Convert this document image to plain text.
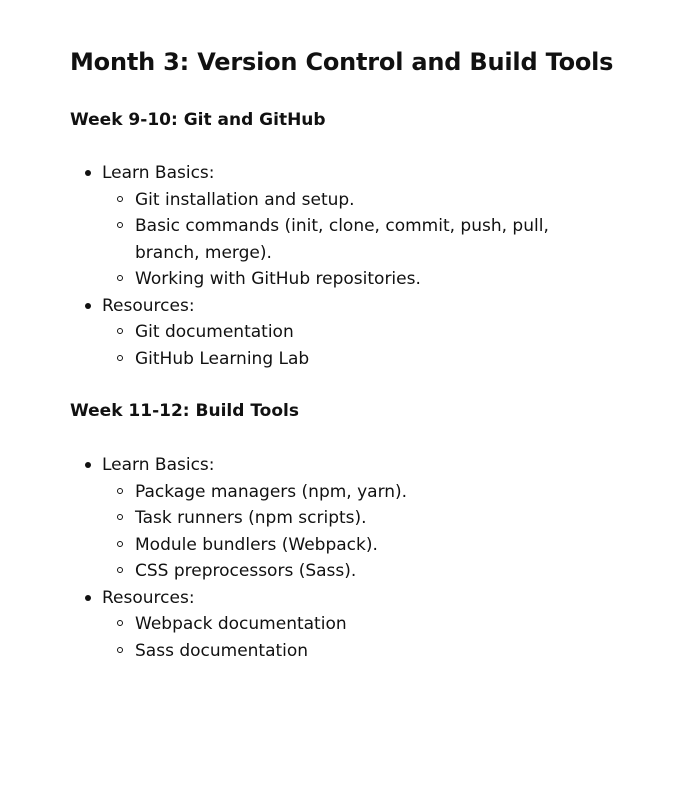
Month 3: Version Control and Build Tools
Week 9-10: Git and GitHub
Learn Basics:
Git installation and setup.
Basic commands (init, clone, commit, push, pull, branch, merge).
Working with GitHub repositories.
Resources:
Git documentation
GitHub Learning Lab
Week 11-12: Build Tools
Learn Basics:
Package managers (npm, yarn).
Task runners (npm scripts).
Module bundlers (Webpack).
CSS preprocessors (Sass).
Resources:
Webpack documentation
Sass documentation
